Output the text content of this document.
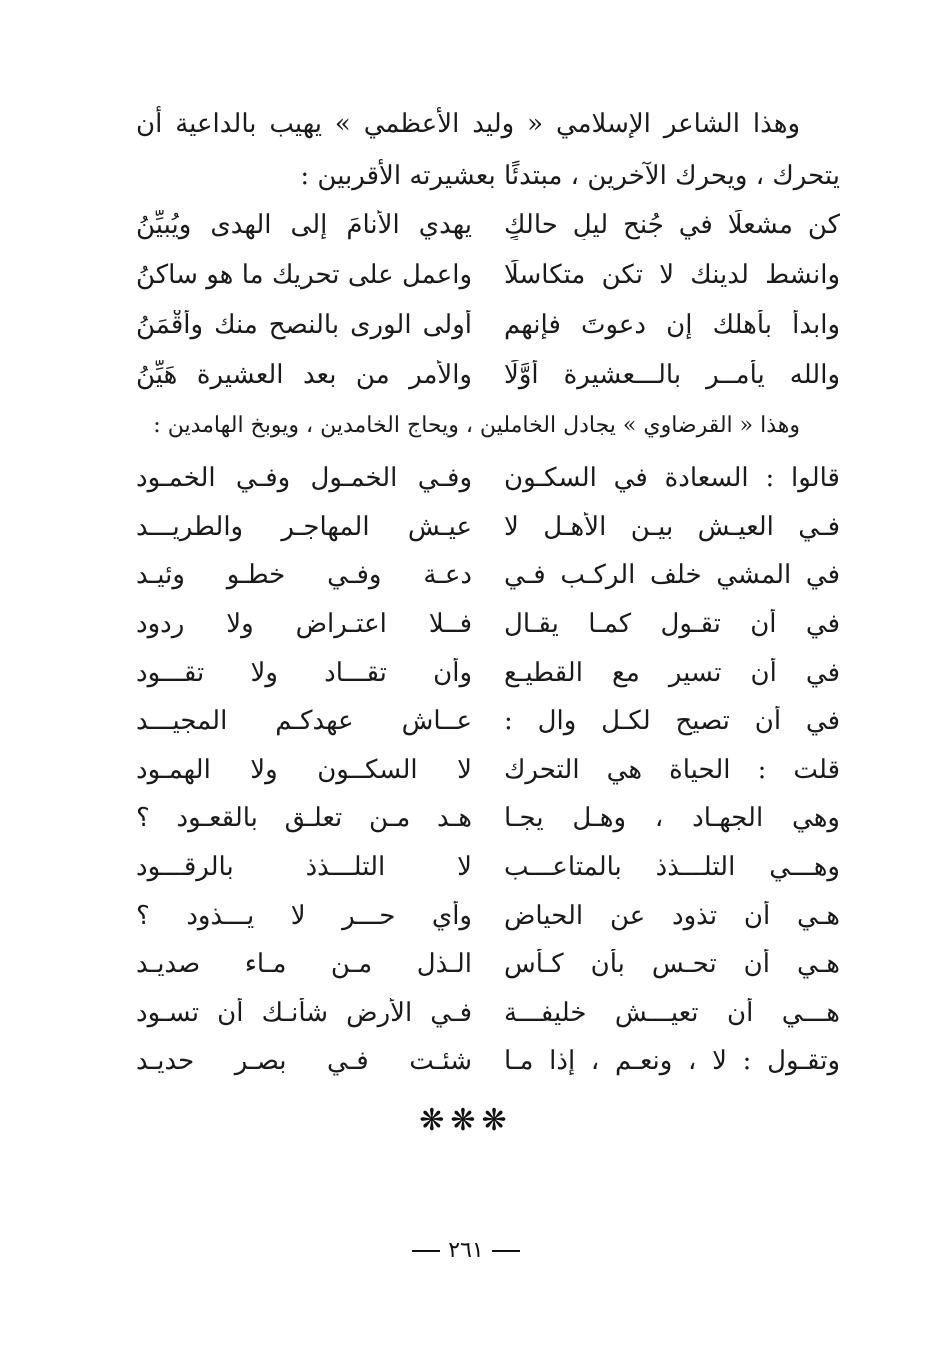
وهذا الشاعر الإسلامي « وليد الأعظمي » يهيب بالداعية أن يتحرك ، ويحرك الآخرين ، مبتدئًا بعشيرته الأقربين :
كن مشعلًا في جُنحِ ليلِ حالكٍ
يهدي الأنامَ إلى الهدى ويُبيِّنُ
وانشط لدينك لا تكن متكاسلًا
واعمل على تحريك ما هو ساكنُ
وابدأ بأهلك إن دعوتَ فإنهم
أولى الورى بالنصح منك وأقْمَنُ
والله يأمــر بالـــعشيرة أوَّلًا
والأمر من بعد العشيرة هَيِّنُ
وهذا « القرضاوي » يجادل الخاملين ، ويحاج الخامدين ، ويوبخ الهامدين :
قالوا : السعادة في السكـون
وفـي الخمـول وفـي الخمـود
فـي العيـش بيـن الأهـل لا
عيـش المهاجـر والطريـــد
في المشي خلف الركـب فـي
دعـة وفـي خطـو وئيـد
في أن تقـول كمـا يقـال
فــلا اعتـراض ولا ردود
في أن تسير مع القطيـع
وأن تقـــاد ولا تقـــود
في أن تصيح لكـل وال :
عــاش عهدكـم المجيـــد
قلت : الحياة هي التحرك
لا السكــون ولا الهمـود
وهي الجهـاد ، وهـل يجـا
هـد مـن تعلـق بالقعـود ؟
وهـــي التلـــذذ بالمتاعـــب
لا التلـــذذ بالرقـــود
هـي أن تذود عن الحياض
وأي حـــر لا يـــذود ؟
هـي أن تحـس بأن كـأس
الـذل مـن مـاء صديـد
هـــي أن تعيـــش خليفـــة
فـي الأرض شأنـك أن تسـود
وتقـول : لا ، ونعـم ، إذا مـا
شئـت فـي بصـر حديـد
❋❋❋
٢٦١
